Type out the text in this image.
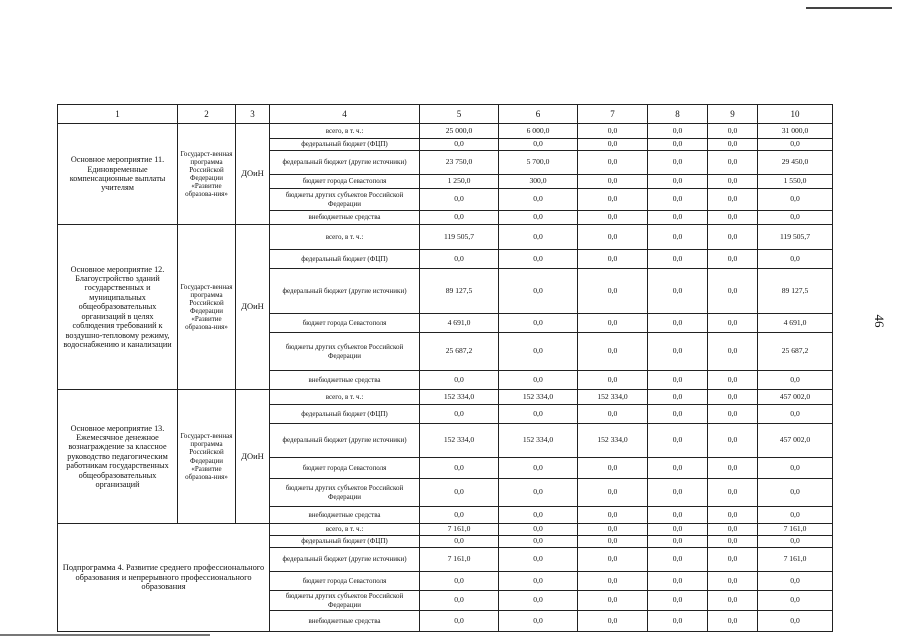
46
1	2	3	4	5	6	7	8	9	10
Основное мероприятие 11. Единовременные компенсационные выплаты учителям	Государст-венная программа Российской Федерации «Развитие образова-ния»	ДОиН	всего, в т. ч.:	25 000,0	6 000,0	0,0	0,0	0,0	31 000,0
			федеральный бюджет (ФЦП)	0,0	0,0	0,0	0,0	0,0	0,0
			федеральный бюджет (другие источники)	23 750,0	5 700,0	0,0	0,0	0,0	29 450,0
			бюджет города Севастополя	1 250,0	300,0	0,0	0,0	0,0	1 550,0
			бюджеты других субъектов Российской Федерации	0,0	0,0	0,0	0,0	0,0	0,0
			внебюджетные средства	0,0	0,0	0,0	0,0	0,0	0,0
Основное мероприятие 12. Благоустройство зданий государственных и муниципальных общеобразовательных организаций в целях соблюдения требований к воздушно-тепловому режиму, водоснабжению и канализации	Государст-венная программа Российской Федерации «Развитие образова-ния»	ДОиН	всего, в т. ч.:	119 505,7	0,0	0,0	0,0	0,0	119 505,7
			федеральный бюджет (ФЦП)	0,0	0,0	0,0	0,0	0,0	0,0
			федеральный бюджет (другие источники)	89 127,5	0,0	0,0	0,0	0,0	89 127,5
			бюджет города Севастополя	4 691,0	0,0	0,0	0,0	0,0	4 691,0
			бюджеты других субъектов Российской Федерации	25 687,2	0,0	0,0	0,0	0,0	25 687,2
			внебюджетные средства	0,0	0,0	0,0	0,0	0,0	0,0
Основное мероприятие 13. Ежемесячное денежное вознаграждение за классное руководство педагогическим работникам государственных общеобразовательных организаций	Государст-венная программа Российской Федерации «Развитие образова-ния»	ДОиН	всего, в т. ч.:	152 334,0	152 334,0	152 334,0	0,0	0,0	457 002,0
			федеральный бюджет (ФЦП)	0,0	0,0	0,0	0,0	0,0	0,0
			федеральный бюджет (другие источники)	152 334,0	152 334,0	152 334,0	0,0	0,0	457 002,0
			бюджет города Севастополя	0,0	0,0	0,0	0,0	0,0	0,0
			бюджеты других субъектов Российской Федерации	0,0	0,0	0,0	0,0	0,0	0,0
			внебюджетные средства	0,0	0,0	0,0	0,0	0,0	0,0
Подпрограмма 4. Развитие среднего профессионального образования и непрерывного профессионального образования			всего, в т. ч.:	7 161,0	0,0	0,0	0,0	0,0	7 161,0
			федеральный бюджет (ФЦП)	0,0	0,0	0,0	0,0	0,0	0,0
			федеральный бюджет (другие источники)	7 161,0	0,0	0,0	0,0	0,0	7 161,0
			бюджет города Севастополя	0,0	0,0	0,0	0,0	0,0	0,0
			бюджеты других субъектов Российской Федерации	0,0	0,0	0,0	0,0	0,0	0,0
			внебюджетные средства	0,0	0,0	0,0	0,0	0,0	0,0
